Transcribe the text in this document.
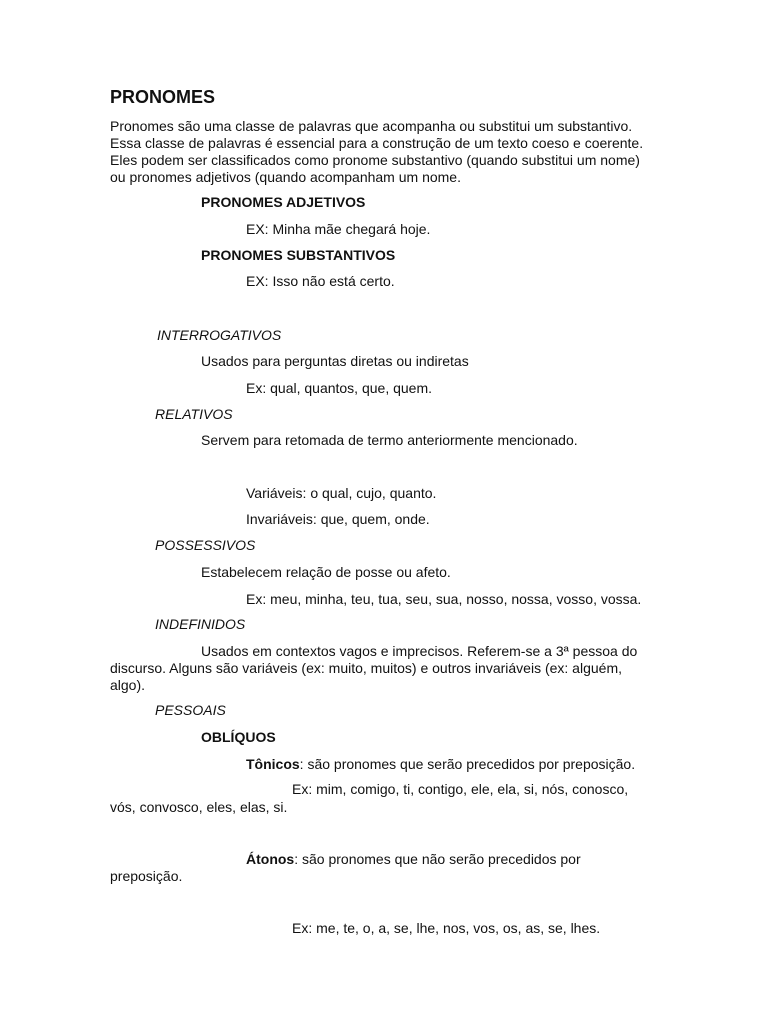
PRONOMES
Pronomes são uma classe de palavras que acompanha ou substitui um substantivo.
Essa classe de palavras é essencial para a construção de um texto coeso e coerente.
Eles podem ser classificados como pronome substantivo (quando substitui um nome)
ou pronomes adjetivos (quando acompanham um nome.
PRONOMES ADJETIVOS
EX: Minha mãe chegará hoje.
PRONOMES SUBSTANTIVOS
EX: Isso não está certo.
INTERROGATIVOS
Usados para perguntas diretas ou indiretas
Ex: qual, quantos, que, quem.
RELATIVOS
Servem para retomada de termo anteriormente mencionado.
Variáveis: o qual, cujo, quanto.
Invariáveis: que, quem, onde.
POSSESSIVOS
Estabelecem relação de posse ou afeto.
Ex: meu, minha, teu, tua, seu, sua, nosso, nossa, vosso, vossa.
INDEFINIDOS
Usados em contextos vagos e imprecisos. Referem-se a 3ª pessoa do
discurso. Alguns são variáveis (ex: muito, muitos) e outros invariáveis (ex: alguém,
algo).
PESSOAIS
OBLÍQUOS
Tônicos: são pronomes que serão precedidos por preposição.
Ex: mim, comigo, ti, contigo, ele, ela, si, nós, conosco,
vós, convosco, eles, elas, si.
Átonos: são pronomes que não serão precedidos por
preposição.
Ex: me, te, o, a, se, lhe, nos, vos, os, as, se, lhes.
